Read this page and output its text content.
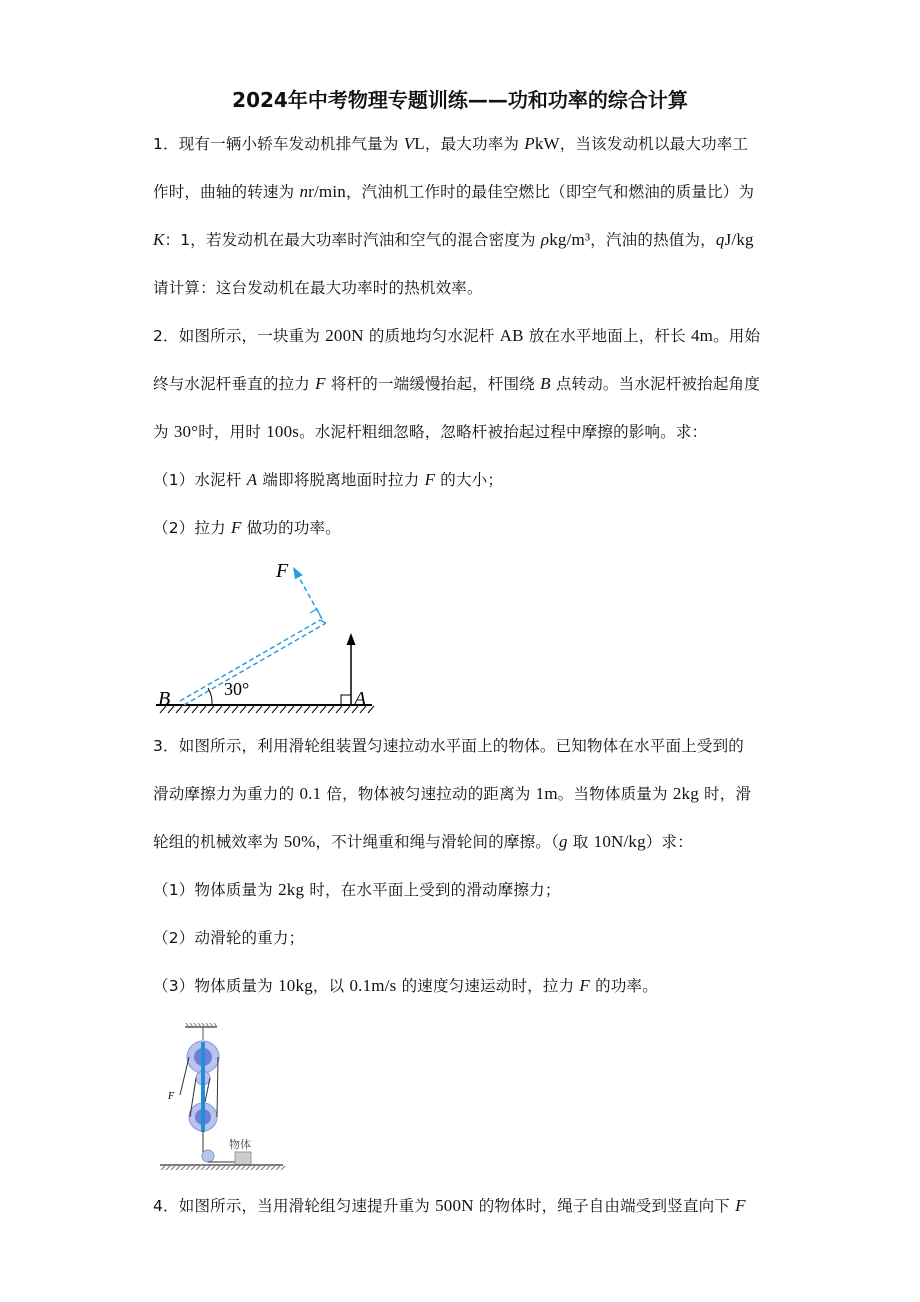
2024年中考物理专题训练——功和功率的综合计算
1．现有一辆小轿车发动机排气量为 VL，最大功率为 PkW，当该发动机以最大功率工
作时，曲轴的转速为 nr/min，汽油机工作时的最佳空燃比（即空气和燃油的质量比）为
K：1，若发动机在最大功率时汽油和空气的混合密度为 ρkg/m³，汽油的热值为，qJ/kg
请计算：这台发动机在最大功率时的热机效率。
2．如图所示，一块重为 200N 的质地均匀水泥杆 AB 放在水平地面上，杆长 4m。用始
终与水泥杆垂直的拉力 F 将杆的一端缓慢抬起，杆围绕 B 点转动。当水泥杆被抬起角度
为 30°时，用时 100s。水泥杆粗细忽略，忽略杆被抬起过程中摩擦的影响。求：
（1）水泥杆 A 端即将脱离地面时拉力 F 的大小；
（2）拉力 F 做功的功率。
3．如图所示，利用滑轮组装置匀速拉动水平面上的物体。已知物体在水平面上受到的
滑动摩擦力为重力的 0.1 倍，物体被匀速拉动的距离为 1m。当物体质量为 2kg 时，滑
轮组的机械效率为 50%，不计绳重和绳与滑轮间的摩擦。（g 取 10N/kg）求：
（1）物体质量为 2kg 时，在水平面上受到的滑动摩擦力；
（2）动滑轮的重力；
（3）物体质量为 10kg，以 0.1m/s 的速度匀速运动时，拉力 F 的功率。
4．如图所示，当用滑轮组匀速提升重为 500N 的物体时，绳子自由端受到竖直向下 F
F
B	A
30°
F
物体
